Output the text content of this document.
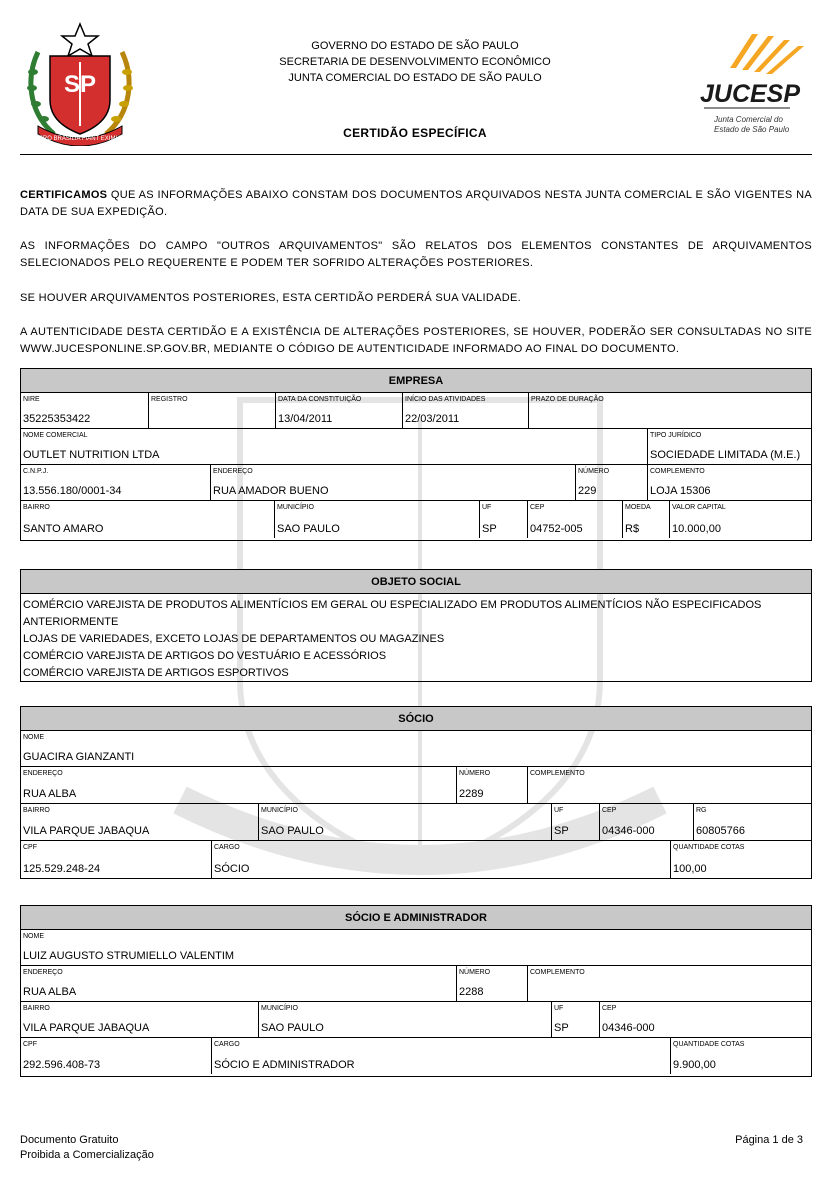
SP
PRO BRASILIA FIANT EXIMIA
GOVERNO DO ESTADO DE SÃO PAULO
SECRETARIA DE DESENVOLVIMENTO ECONÔMICO
JUNTA COMERCIAL DO ESTADO DE SÃO PAULO
CERTIDÃO ESPECÍFICA
JUCESP
Junta Comercial do
Estado de São Paulo
CERTIFICAMOS QUE AS INFORMAÇÕES ABAIXO CONSTAM DOS DOCUMENTOS ARQUIVADOS NESTA JUNTA COMERCIAL E SÃO VIGENTES NA DATA DE SUA EXPEDIÇÃO.
AS INFORMAÇÕES DO CAMPO "OUTROS ARQUIVAMENTOS" SÃO RELATOS DOS ELEMENTOS CONSTANTES DE ARQUIVAMENTOS SELECIONADOS PELO REQUERENTE E PODEM TER SOFRIDO ALTERAÇÕES POSTERIORES.
SE HOUVER ARQUIVAMENTOS POSTERIORES, ESTA CERTIDÃO PERDERÁ SUA VALIDADE.
A AUTENTICIDADE DESTA CERTIDÃO E A EXISTÊNCIA DE ALTERAÇÕES POSTERIORES, SE HOUVER, PODERÃO SER CONSULTADAS NO SITE WWW.JUCESPONLINE.SP.GOV.BR, MEDIANTE O CÓDIGO DE AUTENTICIDADE INFORMADO AO FINAL DO DOCUMENTO.
EMPRESA
NIRE
35225353422
REGISTRO	DATA DA CONSTITUIÇÃO
13/04/2011
INÍCIO DAS ATIVIDADES
22/03/2011
PRAZO DE DURAÇÃO
NOME COMERCIAL
OUTLET NUTRITION LTDA
TIPO JURÍDICO
SOCIEDADE LIMITADA (M.E.)
C.N.P.J.
13.556.180/0001-34
ENDEREÇO
RUA AMADOR BUENO
NÚMERO
229
COMPLEMENTO
LOJA 15306
BAIRRO
SANTO AMARO
MUNICÍPIO
SAO PAULO
UF
SP
CEP
04752-005
MOEDA
R$
VALOR CAPITAL
10.000,00
OBJETO SOCIAL
COMÉRCIO VAREJISTA DE PRODUTOS ALIMENTÍCIOS EM GERAL OU ESPECIALIZADO EM PRODUTOS ALIMENTÍCIOS NÃO ESPECIFICADOS ANTERIORMENTE
LOJAS DE VARIEDADES, EXCETO LOJAS DE DEPARTAMENTOS OU MAGAZINES
COMÉRCIO VAREJISTA DE ARTIGOS DO VESTUÁRIO E ACESSÓRIOS
COMÉRCIO VAREJISTA DE ARTIGOS ESPORTIVOS
SÓCIO
NOME
GUACIRA GIANZANTI
ENDEREÇO
RUA ALBA
NÚMERO
2289
COMPLEMENTO
BAIRRO
VILA PARQUE JABAQUA
MUNICÍPIO
SAO PAULO
UF
SP
CEP
04346-000
RG
60805766
CPF
125.529.248-24
CARGO
SÓCIO
QUANTIDADE COTAS
100,00
SÓCIO E ADMINISTRADOR
NOME
LUIZ AUGUSTO STRUMIELLO VALENTIM
ENDEREÇO
RUA ALBA
NÚMERO
2288
COMPLEMENTO
BAIRRO
VILA PARQUE JABAQUA
MUNICÍPIO
SAO PAULO
UF
SP
CEP
04346-000
CPF
292.596.408-73
CARGO
SÓCIO E ADMINISTRADOR
QUANTIDADE COTAS
9.900,00
Documento Gratuito
Proibida a Comercialização
Página 1 de 3
